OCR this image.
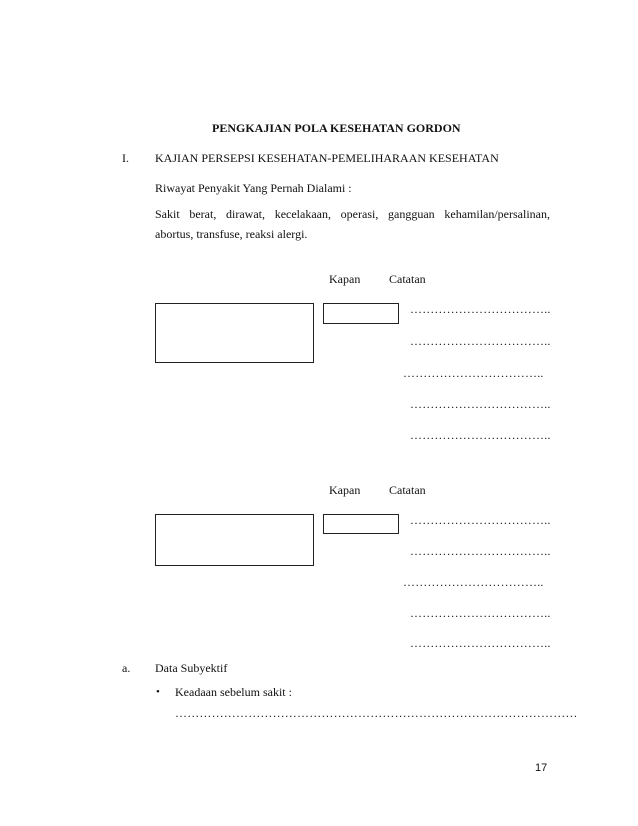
PENGKAJIAN POLA KESEHATAN GORDON
I. KAJIAN PERSEPSI KESEHATAN-PEMELIHARAAN KESEHATAN
Riwayat Penyakit Yang Pernah Dialami :
Sakit berat, dirawat, kecelakaan, operasi, gangguan kehamilan/persalinan, abortus, transfuse, reaksi alergi.
Kapan Catatan
……………………………..
……………………………..
……………………………..
……………………………..
……………………………..
Kapan Catatan
……………………………..
……………………………..
……………………………..
……………………………..
……………………………..
a. Data Subyektif
• Keadaan sebelum sakit :
………………………………………………………………………………………
17
